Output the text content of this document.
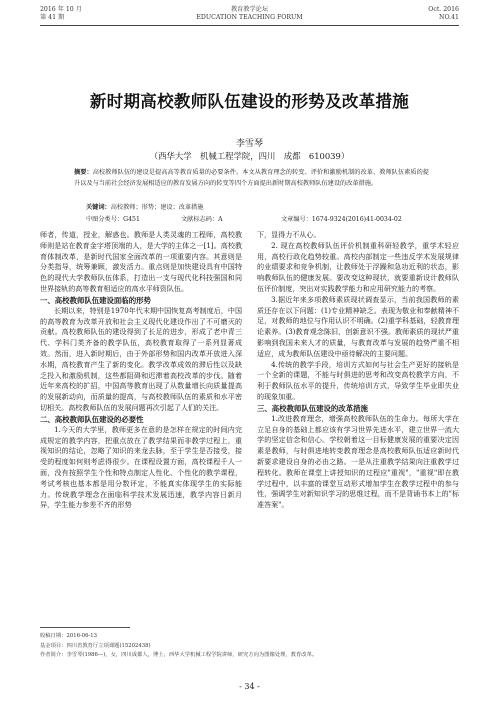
2016 年 10 月
第 41 期
教育教学论坛
EDUCATION TEACHING FORUM
Oct. 2016
NO.41
新时期高校教师队伍建设的形势及改革措施
李雪琴
（西华大学　机械工程学院，四川　成都　610039）
摘要：高校教师队伍的建设是提高高等教育质量的必要条件。本文从教育理念的转变、评价和激励机制的改革、教师队伍素质的提升以及与当前社会经济发展相适应的教育发展方向的转变等四个方面提出新时期高校教师队伍建设的改革措施。
关键词：高校教师；形势；建设；改革措施
中图分类号：G451	文献标志码：A	文章编号：1674-9324(2016)41-0034-02

师者，传道，授业，解惑也。教师是人类灵魂的工程师，高校教师则是站在教育金字塔顶端的人，是大学的主体之一[1]。高校教育体制改革，是新时代国家全面改革的一项重要内容。其意则是分类指导，统筹兼顾，激发活力。重点则是加快建设具有中国特色的现代大学教师队伍体系，打造出一支与现代化科技强国和同世界接轨的高等教育相适应的高水平师资队伍。

一、高校教师队伍建设面临的形势

长期以来，特别是1970年代末期中国恢复高考制度后，中国的高等教育为改革开放和社会主义现代化建设作出了不可磨灭的贡献。高校教师队伍的建设得到了长足的进步，形成了老中青三代、学科门类齐备的教学队伍，高校教育取得了一系列显著成效。然而，进入新时期后，由于外部形势和国内改革开放进入深水期，高校教育产生了新的变化。教学改革成效的滞后性以及缺乏投入和激励机制，这些都阻碍和迟滞着高校改革的步伐。随着近年来高校的扩招，中国高等教育出现了从数量增长向质量提高的发展新动向，而质量的提高，与高校教师队伍的素质和水平密切相关。高校教师队伍的发展问题再次引起了人们的关注。

二、高校教师队伍建设的必要性

1.今天的大学里，教师更多在意的是怎样在规定的时间内完成规定的教学内容，把重点放在了教学结果而非教学过程上，重视知识的结论，忽略了知识的来龙去脉，至于学生是否接受，接受的程度如何则考虑得很少。在课程设置方面，高校课程千人一面，没有按照学生个性和特点制定人性化、个性化的教学课程，考试考核也基本都是用分数评定，不能真实体现学生的实际能力。传统教学理念在面临科学技术发展迅速，教学内容日新月异，学生能力参差不齐的形势

下，显得力不从心。

2. 现在高校教师队伍评价机制重科研轻教学，重学术轻应用，高校行政化趋势较重。高校内部制定一些违反学术发展规律的业绩要求和竞争机制，让教师处于浮躁和急功近利的状态，影响教师队伍的健康发展。要改变这种现状，就要重新设计教师队伍评价制度，突出对实践教学能力和应用研究能力的考察。

3.据近年来多项教师素质现状调查显示，当前我国教师的素质还存在以下问题：(1)专业精神缺乏。表现为敬业和奉献精神不足，对教师的地位与作用认识不明确。(2)重学科基础，轻教育理论素养。(3)教育观念陈旧，创新意识不强。教师素质的现状严重影响到我国未来人才的质量，与教育改革与发展的趋势严重不相适应，成为教师队伍建设中亟待解决的主要问题。

4.传统的教学手段，培训方式如何与社会生产更好的接轨是一个全新的课题，不能与时俱进的思考和改变高校教学方向，不利于教师队伍水平的提升，传统培训方式，导致学生毕业即失业的现象加重。

三、高校教师队伍建设的改革措施

1.改进教育理念，增强高校教师队伍的生命力。每所大学在立足自身的基础上都应该有学习世界先进水平，建立世界一流大学的坚定信念和信心。学校朝着这一目标健康发展的重要决定因素是教师，与时俱进地转变教育理念是高校教师队伍适应新时代新要求建设自身的必由之路。一是从注重教学结果向注重教学过程转化。教师在课堂上讲授知识的过程应"重视"，"重视"即在教学过程中，以丰富的课堂互动形式增加学生在教学过程中的参与性，强调学生对新知识学习的思维过程，而不是背诵书本上的"标准答案"。

收稿日期：2016-06-13
基金项目：四川省教育厅立项课题(15202438)
作者简介：李雪琴(1986—)，女，四川成都人，博士，西华大学机械工程学院讲师，研究方向为图像处理，教育改革。
- 34 -
